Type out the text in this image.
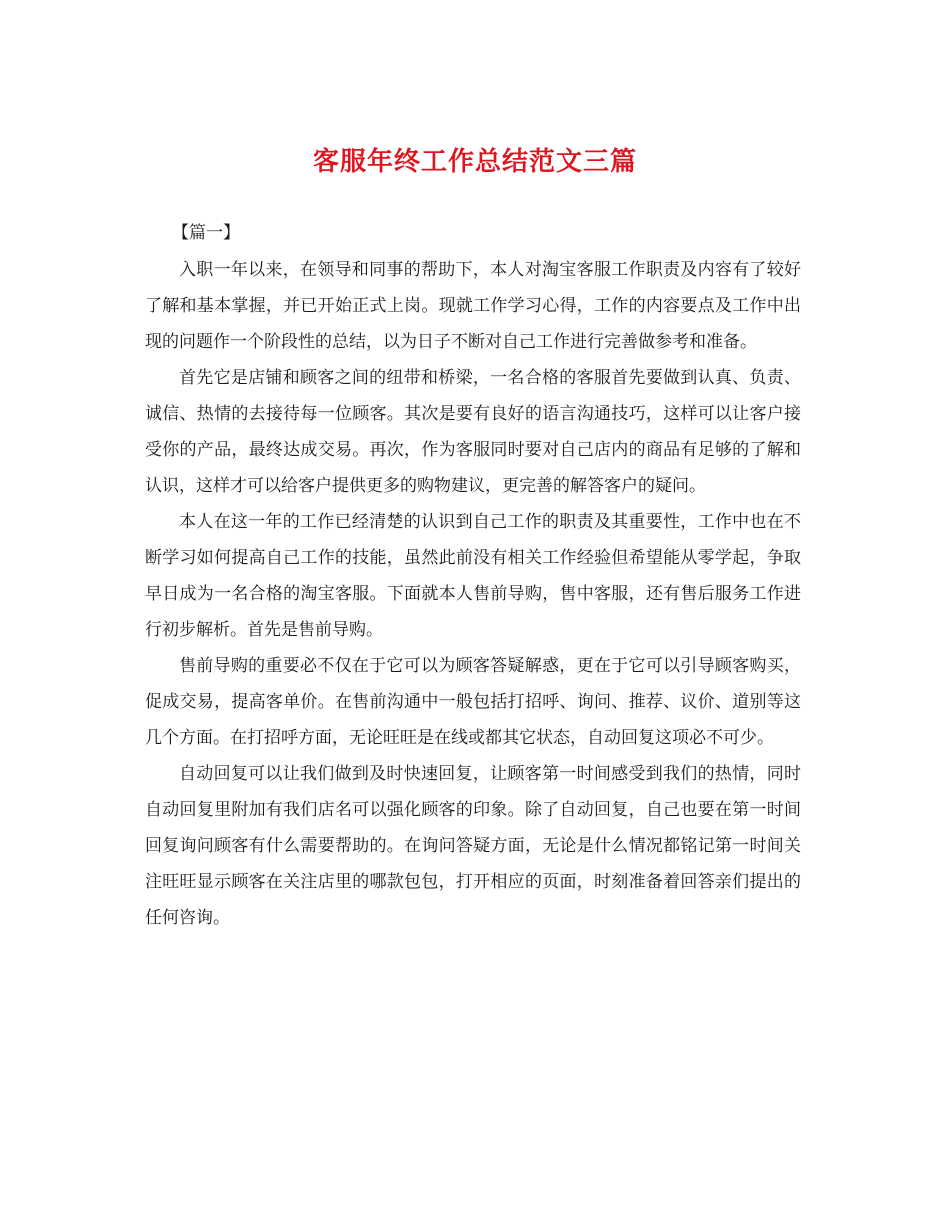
客服年终工作总结范文三篇
【篇一】

入职一年以来，在领导和同事的帮助下，本人对淘宝客服工作职责及内容有了较好了解和基本掌握，并已开始正式上岗。现就工作学习心得，工作的内容要点及工作中出现的问题作一个阶段性的总结，以为日子不断对自己工作进行完善做参考和准备。

首先它是店铺和顾客之间的纽带和桥梁，一名合格的客服首先要做到认真、负责、诚信、热情的去接待每一位顾客。其次是要有良好的语言沟通技巧，这样可以让客户接受你的产品，最终达成交易。再次，作为客服同时要对自己店内的商品有足够的了解和认识，这样才可以给客户提供更多的购物建议，更完善的解答客户的疑问。

本人在这一年的工作已经清楚的认识到自己工作的职责及其重要性，工作中也在不断学习如何提高自己工作的技能，虽然此前没有相关工作经验但希望能从零学起，争取早日成为一名合格的淘宝客服。下面就本人售前导购，售中客服，还有售后服务工作进行初步解析。首先是售前导购。

售前导购的重要必不仅在于它可以为顾客答疑解惑，更在于它可以引导顾客购买，促成交易，提高客单价。在售前沟通中一般包括打招呼、询问、推荐、议价、道别等这几个方面。在打招呼方面，无论旺旺是在线或都其它状态，自动回复这项必不可少。

自动回复可以让我们做到及时快速回复，让顾客第一时间感受到我们的热情，同时自动回复里附加有我们店名可以强化顾客的印象。除了自动回复，自己也要在第一时间回复询问顾客有什么需要帮助的。在询问答疑方面，无论是什么情况都铭记第一时间关注旺旺显示顾客在关注店里的哪款包包，打开相应的页面，时刻准备着回答亲们提出的任何咨询。
